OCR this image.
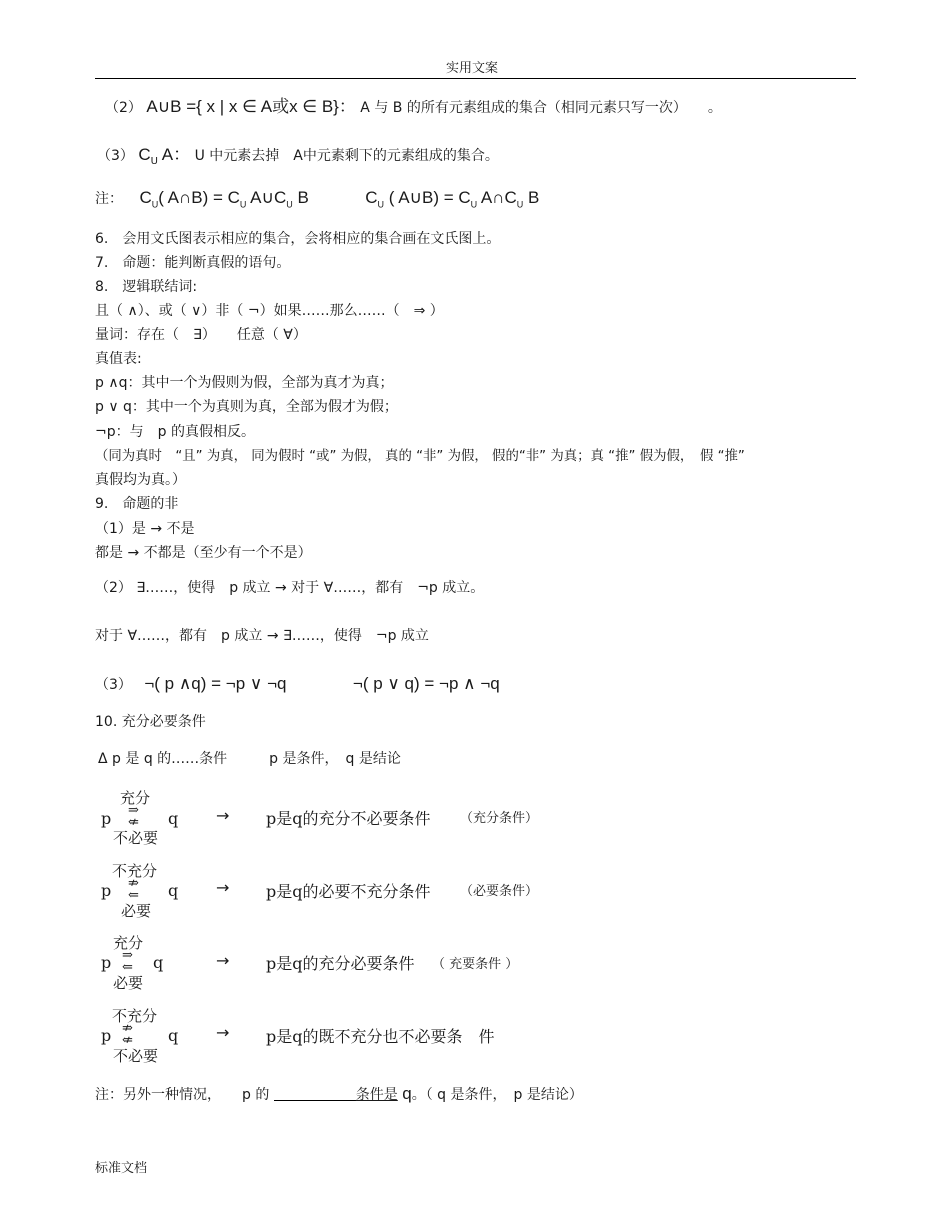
实用文案
（2） A∪B ={ x | x ∈ A或x ∈ B}： A 与 B 的所有元素组成的集合（相同元素只写一次）　　。
（3） $C_U$ A： U 中元素去掉　A中元素剩下的元素组成的集合。
注： $C_U$( A∩B) = $C_U$ $A\cup C_U$ B	$C_U$ ( A∪B) = $C_U$ $A\cap C_U$ B
6.　会用文氏图表示相应的集合，会将相应的集合画在文氏图上。
7.　命题：能判断真假的语句。
8.　逻辑联结词:
且（ ∧）、或（ ∨）非（ ¬）如果……那么……（　⇒ ）
量词：存在（　∃）　　任意（ ∀）
真值表:
p ∧q：其中一个为假则为假，全部为真才为真；
p ∨ q：其中一个为真则为真，全部为假才为假；
¬p：与　p 的真假相反。
（同为真时　“且” 为真， 同为假时 “或” 为假， 真的 “非” 为假， 假的“非” 为真；真 “推” 假为假，　假 “推”
真假均为真。）
9.　命题的非
（1）是 → 不是
都是 → 不都是（至少有一个不是）
（2） ∃……，使得　p 成立 → 对于 ∀……，都有　¬p 成立。
对于 ∀……，都有　p 成立 → ∃……，使得　¬p 成立
（3） ¬( p ∧q) = ¬p ∨ ¬q	¬( p ∨ q) = ¬p ∧ ¬q
10. 充分必要条件
Δ p 是 q 的……条件　　　p 是条件，　q 是结论
充分
⇒
⇍
不必要
p	q → p是q的充分不必要条件 （充分条件）
不充分
⇏
⇐
必要
p	q → p是q的必要不充分条件 （必要条件）
充分
⇒
⇐
必要
p	q	→ p是q的充分必要条件 （ 充要条件 ）
不充分
⇏
⇍
不必要
p	q → p是q的既不充分也不必要条　件
注：另外一种情况，　　p 的	条件是 q。（ q 是条件，　p 是结论）
标准文档
